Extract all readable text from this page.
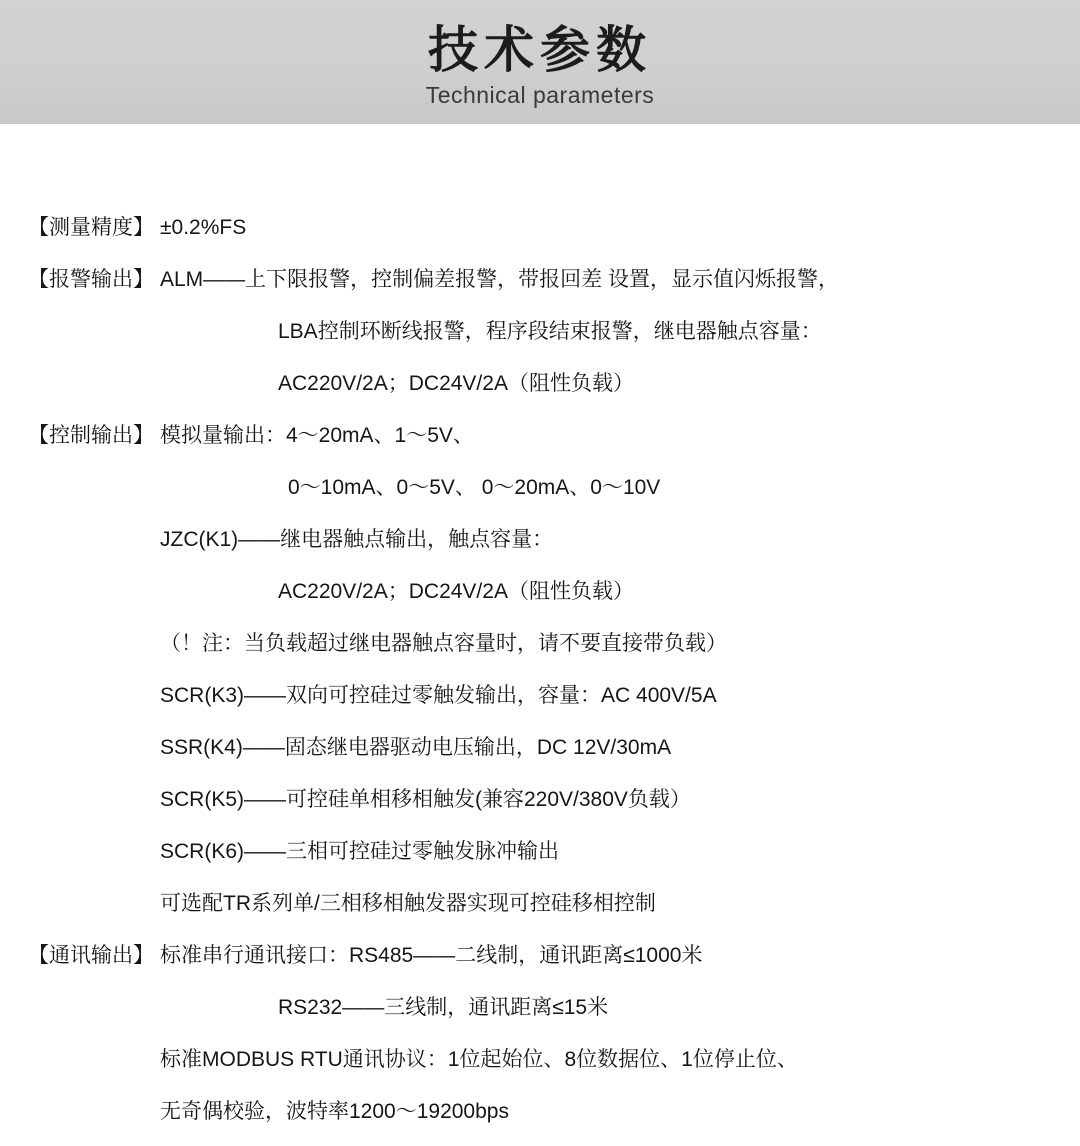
技术参数
Technical parameters
【测量精度】 ±0.2%FS
【报警输出】 ALM——上下限报警，控制偏差报警，带报回差 设置，显示值闪烁报警，
LBA控制环断线报警，程序段结束报警，继电器触点容量：
AC220V/2A；DC24V/2A（阻性负载）
【控制输出】 模拟量输出：4～20mA、1～5V、
0～10mA、0～5V、 0～20mA、0～10V
JZC(K1)——继电器触点输出，触点容量：
AC220V/2A；DC24V/2A（阻性负载）
（！注：当负载超过继电器触点容量时，请不要直接带负载）
SCR(K3)——双向可控硅过零触发输出，容量：AC 400V/5A
SSR(K4)——固态继电器驱动电压输出，DC 12V/30mA
SCR(K5)——可控硅单相移相触发(兼容220V/380V负载）
SCR(K6)——三相可控硅过零触发脉冲输出
可选配TR系列单/三相移相触发器实现可控硅移相控制
【通讯输出】 标准串行通讯接口：RS485——二线制，通讯距离≤1000米
RS232——三线制，通讯距离≤15米
标准MODBUS RTU通讯协议：1位起始位、8位数据位、1位停止位、
无奇偶校验，波特率1200～19200bps
